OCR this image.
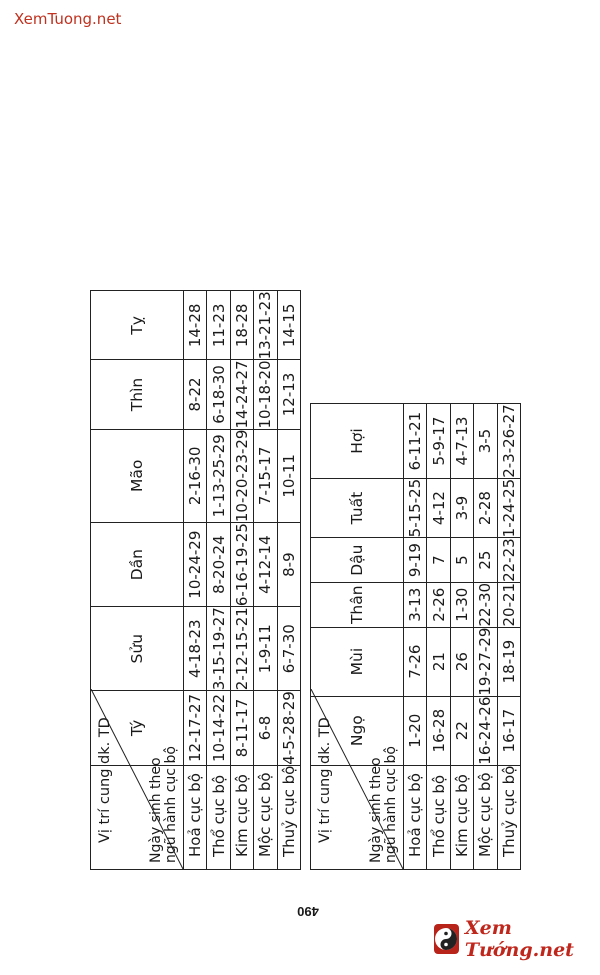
XemTuong.net
Vị trí cung dk. TD Ngày sinh theo
ngũ hành cục bộ	Tý	Sửu	Dần	Mão	Thìn	Tỵ
Hoả cục bộ	12-17-27	4-18-23	10-24-29	2-16-30	8-22	14-28
Thổ cục bộ	10-14-22	3-15-19-27	8-20-24	1-13-25-29	6-18-30	11-23
Kim cục bộ	8-11-17	2-12-15-21	6-16-19-25	10-20-23-29	14-24-27	18-28
Mộc cục bộ	6-8	1-9-11	4-12-14	7-15-17	10-18-20	13-21-23
Thuỷ cục bộ	4-5-28-29	6-7-30	8-9	10-11	12-13	14-15
Vị trí cung dk. TD Ngày sinh theo
ngũ hành cục bộ	Ngọ	Mùi	Thân	Dậu	Tuất	Hợi
Hoả cục bộ	1-20	7-26	3-13	9-19	5-15-25	6-11-21
Thổ cục bộ	16-28	21	2-26	7	4-12	5-9-17
Kim cục bộ	22	26	1-30	5	3-9	4-7-13
Mộc cục bộ	16-24-26	19-27-29	22-30	25	2-28	3-5
Thuỷ cục bộ	16-17	18-19	20-21	22-23	1-24-25	2-3-26-27
490
Xem Tướng.net
